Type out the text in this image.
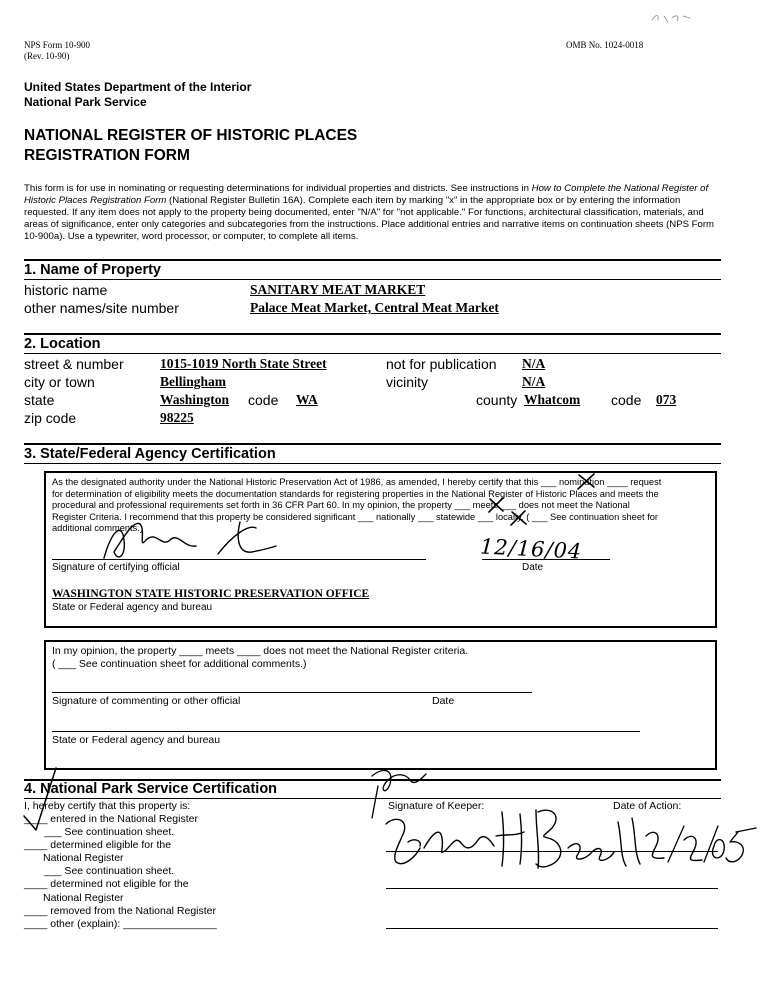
NPS Form 10-900
(Rev. 10-90)
OMB No. 1024-0018
United States Department of the Interior
National Park Service
NATIONAL REGISTER OF HISTORIC PLACES
REGISTRATION FORM
This form is for use in nominating or requesting determinations for individual properties and districts. See instructions in How to Complete the National Register of Historic Places Registration Form (National Register Bulletin 16A). Complete each item by marking "x" in the appropriate box or by entering the information requested. If any item does not apply to the property being documented, enter "N/A" for "not applicable." For functions, architectural classification, materials, and areas of significance, enter only categories and subcategories from the instructions. Place additional entries and narrative items on continuation sheets (NPS Form 10-900a). Use a typewriter, word processor, or computer, to complete all items.
1. Name of Property
historic name	SANITARY MEAT MARKET
other names/site number	Palace Meat Market, Central Meat Market
2. Location
street & number	1015-1019 North State Street	not for publication N/A
city or town	Bellingham	vicinity	N/A
state	Washington code WA	county Whatcom code 073
zip code	98225
3. State/Federal Agency Certification
As the designated authority under the National Historic Preservation Act of 1986, as amended, I hereby certify that this ___ nomination ____ request
for determination of eligibility meets the documentation standards for registering properties in the National Register of Historic Places and meets the
procedural and professional requirements set forth in 36 CFR Part 60. In my opinion, the property ___ meets ___ does not meet the National
Register Criteria. I recommend that this property be considered significant ___ nationally ___ statewide ___ locally. ( ___ See continuation sheet for
additional comments.)
Signature of certifying official	Date
WASHINGTON STATE HISTORIC PRESERVATION OFFICE
State or Federal agency and bureau
12/16/04
In my opinion, the property ____ meets ____ does not meet the National Register criteria.
( ___ See continuation sheet for additional comments.)
Signature of commenting or other official	Date
State or Federal agency and bureau
4. National Park Service Certification
I, hereby certify that this property is:
____ entered in the National Register
___ See continuation sheet.
____ determined eligible for the
National Register
___ See continuation sheet.
____ determined not eligible for the
National Register
____ removed from the National Register
____ other (explain): ________________
Signature of Keeper:	Date of Action:
